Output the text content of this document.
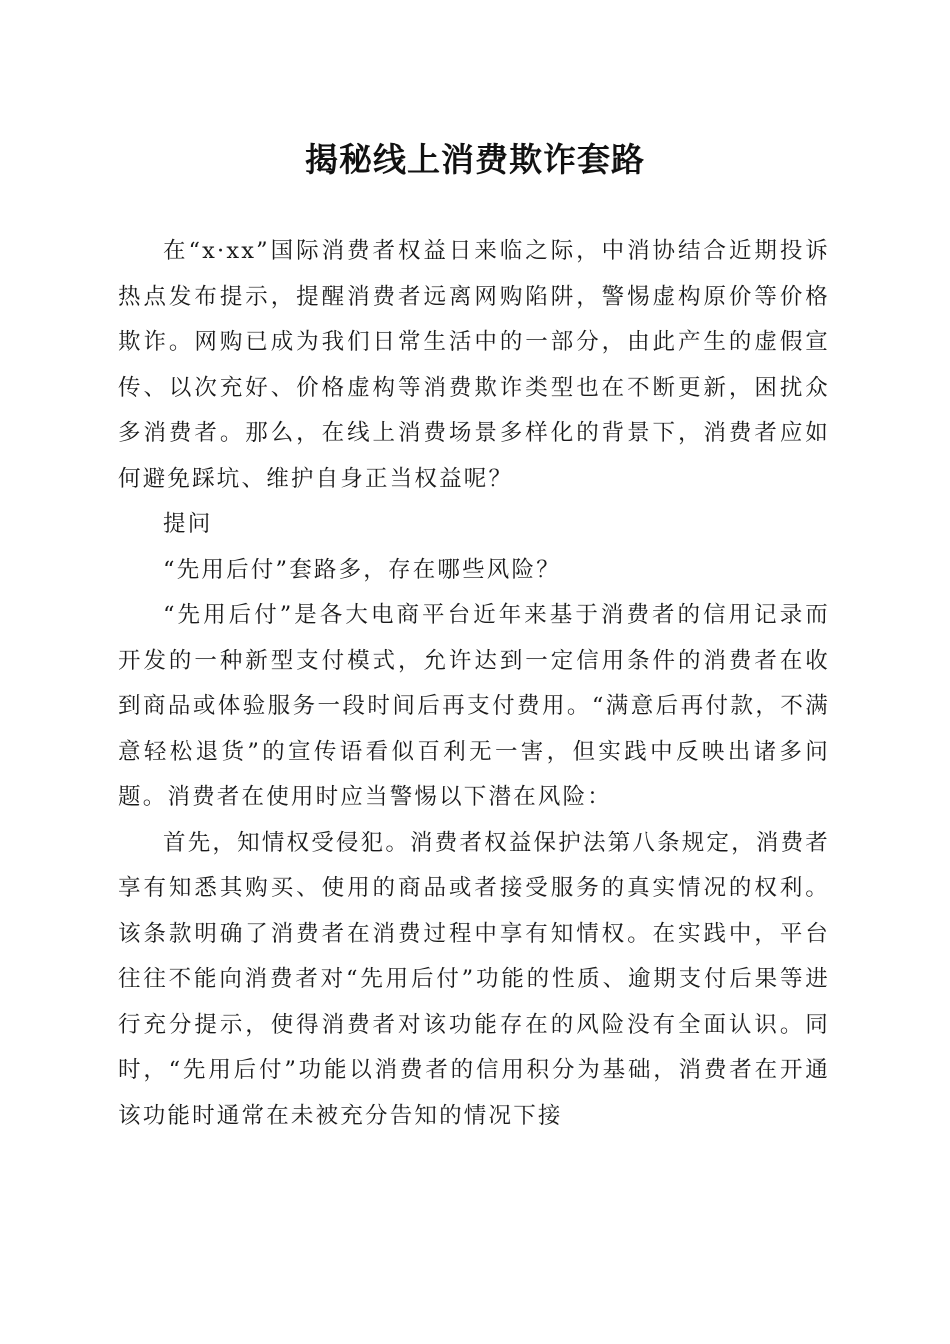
揭秘线上消费欺诈套路

在“x·xx”国际消费者权益日来临之际，中消协结合近期投诉热点发布提示，提醒消费者远离网购陷阱，警惕虚构原价等价格欺诈。网购已成为我们日常生活中的一部分，由此产生的虚假宣传、以次充好、价格虚构等消费欺诈类型也在不断更新，困扰众多消费者。那么，在线上消费场景多样化的背景下，消费者应如何避免踩坑、维护自身正当权益呢？

提问

“先用后付”套路多，存在哪些风险？

“先用后付”是各大电商平台近年来基于消费者的信用记录而开发的一种新型支付模式，允许达到一定信用条件的消费者在收到商品或体验服务一段时间后再支付费用。“满意后再付款，不满意轻松退货”的宣传语看似百利无一害，但实践中反映出诸多问题。消费者在使用时应当警惕以下潜在风险：

首先，知情权受侵犯。消费者权益保护法第八条规定，消费者享有知悉其购买、使用的商品或者接受服务的真实情况的权利。该条款明确了消费者在消费过程中享有知情权。在实践中，平台往往不能向消费者对“先用后付”功能的性质、逾期支付后果等进行充分提示，使得消费者对该功能存在的风险没有全面认识。同时，“先用后付”功能以消费者的信用积分为基础，消费者在开通该功能时通常在未被充分告知的情况下接
